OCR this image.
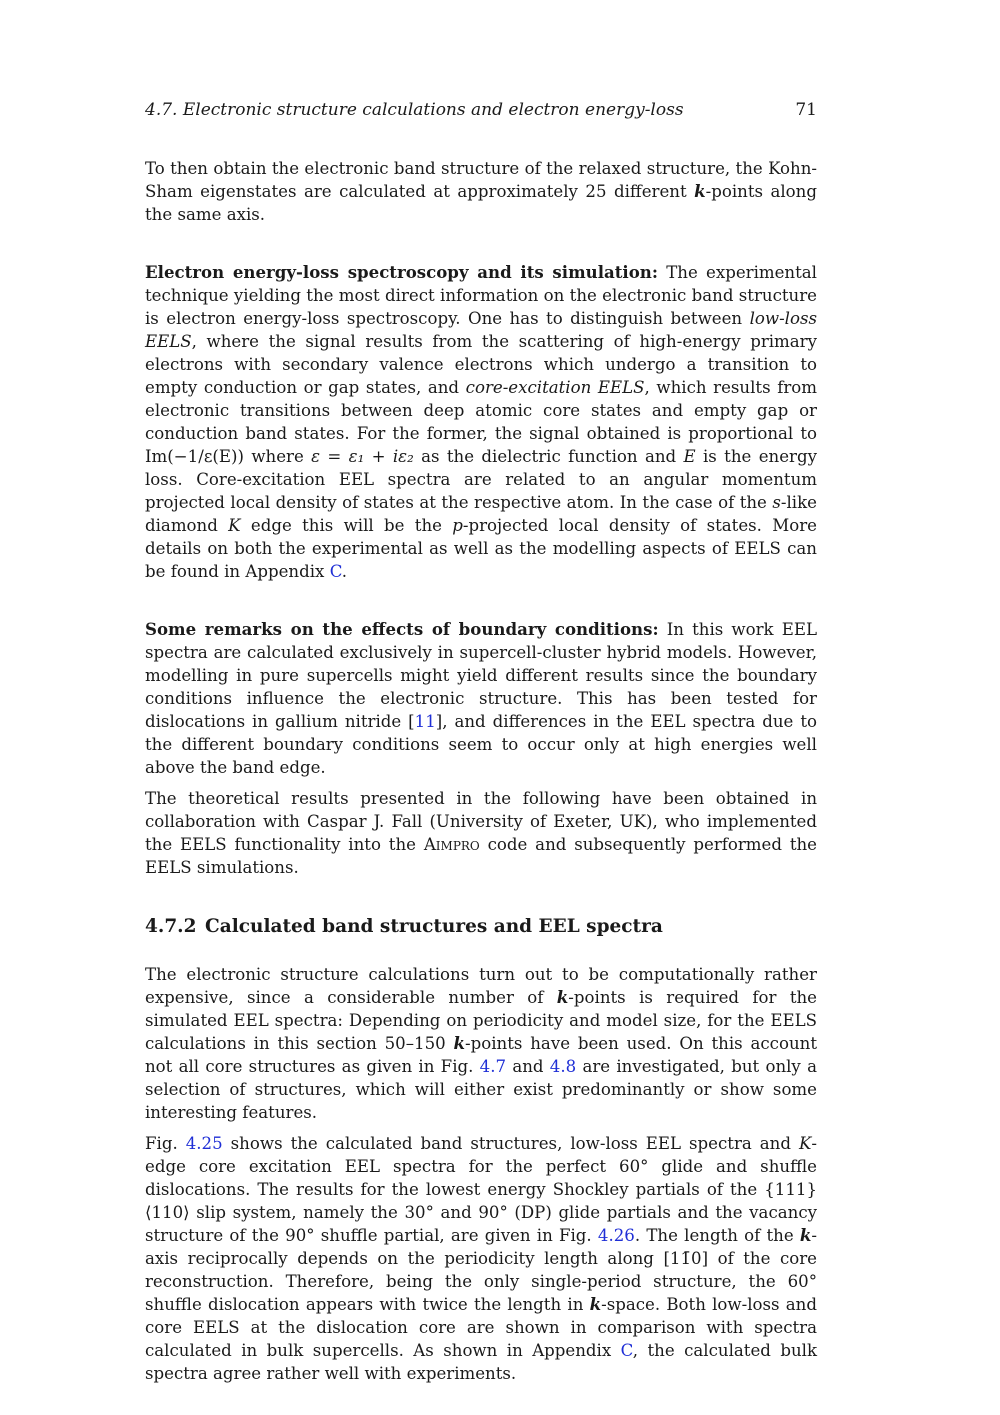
4.7. Electronic structure calculations and electron energy-loss	71

To then obtain the electronic band structure of the relaxed structure, the Kohn-Sham eigenstates are calculated at approximately 25 different k-points along the same axis.

Electron energy-loss spectroscopy and its simulation: The experimental technique yielding the most direct information on the electronic band structure is electron energy-loss spectroscopy. One has to distinguish between low-loss EELS, where the signal results from the scattering of high-energy primary electrons with secondary valence electrons which undergo a transition to empty conduction or gap states, and core-excitation EELS, which results from electronic transitions between deep atomic core states and empty gap or conduction band states. For the former, the signal obtained is proportional to Im(−1/ε(E)) where ε = ε₁ + iε₂ as the dielectric function and E is the energy loss. Core-excitation EEL spectra are related to an angular momentum projected local density of states at the respective atom. In the case of the s-like diamond K edge this will be the p-projected local density of states. More details on both the experimental as well as the modelling aspects of EELS can be found in Appendix C.

Some remarks on the effects of boundary conditions: In this work EEL spectra are calculated exclusively in supercell-cluster hybrid models. However, modelling in pure supercells might yield different results since the boundary conditions influence the electronic structure. This has been tested for dislocations in gallium nitride [11], and differences in the EEL spectra due to the different boundary conditions seem to occur only at high energies well above the band edge.

The theoretical results presented in the following have been obtained in collaboration with Caspar J. Fall (University of Exeter, UK), who implemented the EELS functionality into the Aimpro code and subsequently performed the EELS simulations.

4.7.2 Calculated band structures and EEL spectra

The electronic structure calculations turn out to be computationally rather expensive, since a considerable number of k-points is required for the simulated EEL spectra: Depending on periodicity and model size, for the EELS calculations in this section 50–150 k-points have been used. On this account not all core structures as given in Fig. 4.7 and 4.8 are investigated, but only a selection of structures, which will either exist predominantly or show some interesting features.

Fig. 4.25 shows the calculated band structures, low-loss EEL spectra and K-edge core excitation EEL spectra for the perfect 60° glide and shuffle dislocations. The results for the lowest energy Shockley partials of the {111} ⟨110⟩ slip system, namely the 30° and 90° (DP) glide partials and the vacancy structure of the 90° shuffle partial, are given in Fig. 4.26. The length of the k-axis reciprocally depends on the periodicity length along [11̄0] of the core reconstruction. Therefore, being the only single-period structure, the 60° shuffle dislocation appears with twice the length in k-space. Both low-loss and core EELS at the dislocation core are shown in comparison with spectra calculated in bulk supercells. As shown in Appendix C, the calculated bulk spectra agree rather well with experiments.
